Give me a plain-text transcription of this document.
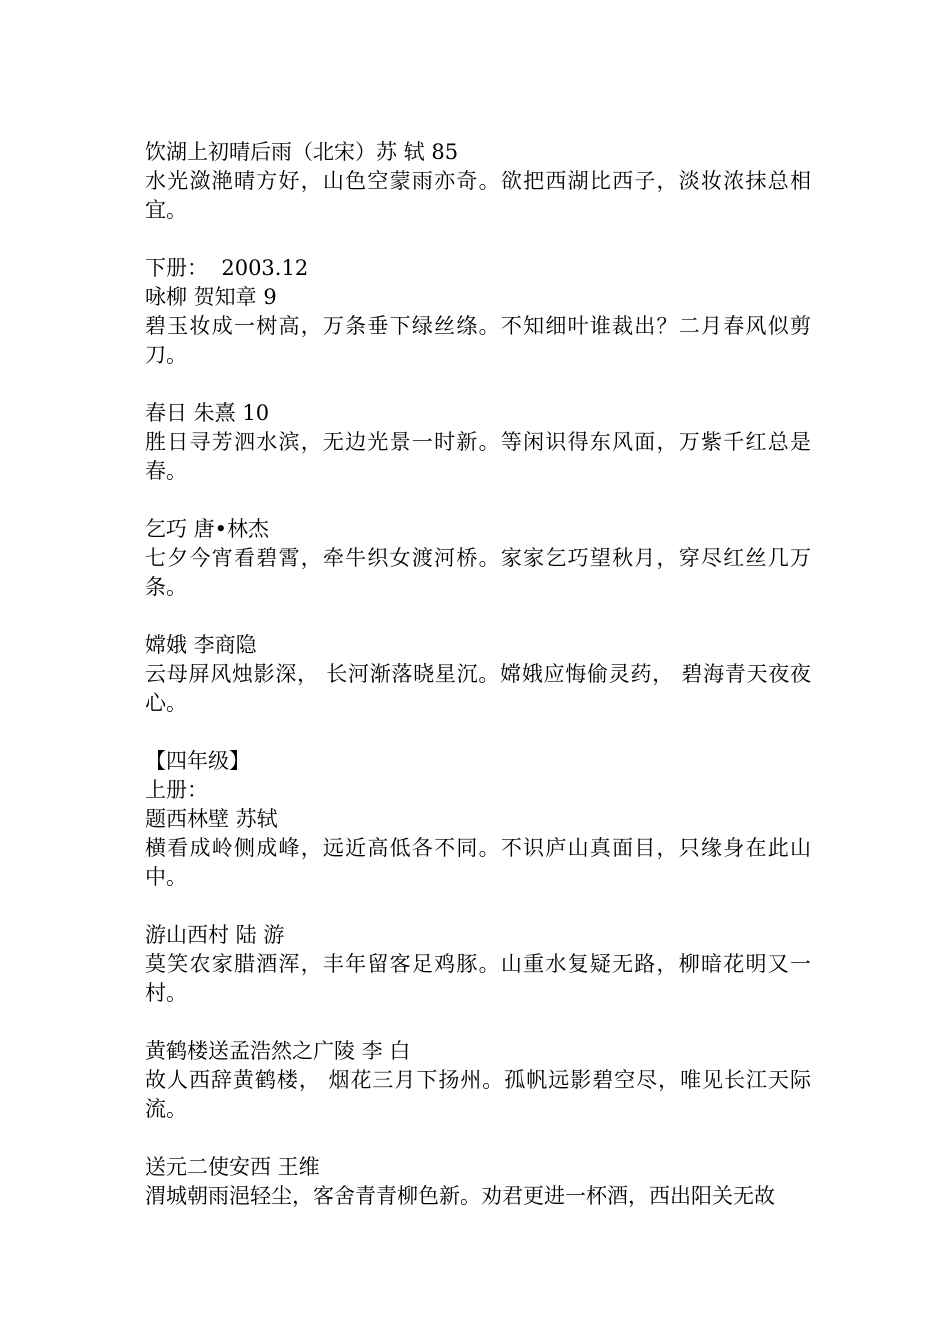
饮湖上初晴后雨（北宋）苏 轼 85
水光潋滟晴方好，山色空蒙雨亦奇。欲把西湖比西子，淡妆浓抹总相宜。
下册：  2003.12
咏柳 贺知章 9
碧玉妆成一树高，万条垂下绿丝绦。不知细叶谁裁出？二月春风似剪刀。
春日 朱熹 10
胜日寻芳泗水滨，无边光景一时新。等闲识得东风面，万紫千红总是春。
乞巧 唐•林杰
七夕今宵看碧霄，牵牛织女渡河桥。家家乞巧望秋月，穿尽红丝几万条。
嫦娥 李商隐
云母屏风烛影深， 长河渐落晓星沉。嫦娥应悔偷灵药， 碧海青天夜夜心。
【四年级】
上册：
题西林壁 苏轼
横看成岭侧成峰，远近高低各不同。不识庐山真面目，只缘身在此山中。
游山西村 陆 游
莫笑农家腊酒浑，丰年留客足鸡豚。山重水复疑无路，柳暗花明又一村。
黄鹤楼送孟浩然之广陵 李 白
故人西辞黄鹤楼， 烟花三月下扬州。孤帆远影碧空尽，唯见长江天际流。
送元二使安西 王维
渭城朝雨浥轻尘，客舍青青柳色新。劝君更进一杯酒，西出阳关无故
